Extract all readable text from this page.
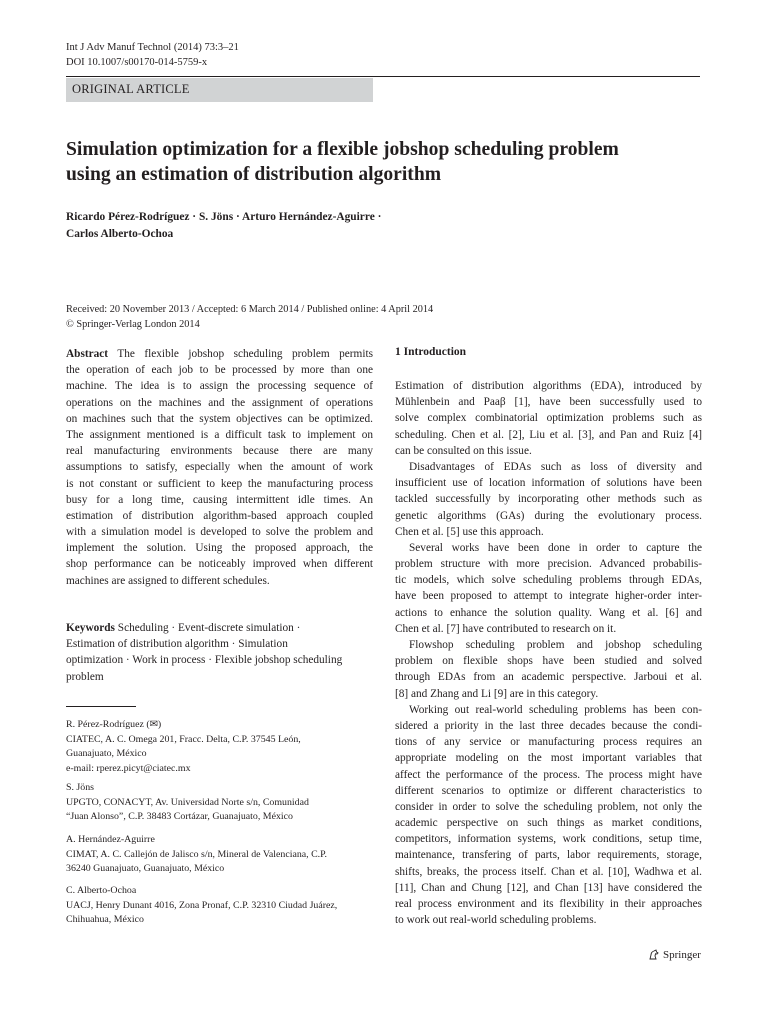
Int J Adv Manuf Technol (2014) 73:3–21
DOI 10.1007/s00170-014-5759-x
ORIGINAL ARTICLE
Simulation optimization for a flexible jobshop scheduling problem
using an estimation of distribution algorithm
Ricardo Pérez-Rodríguez · S. Jöns · Arturo Hernández-Aguirre ·
Carlos Alberto-Ochoa
Received: 20 November 2013 / Accepted: 6 March 2014 / Published online: 4 April 2014
© Springer-Verlag London 2014
Abstract The flexible jobshop scheduling problem permits
the operation of each job to be processed by more than one
machine. The idea is to assign the processing sequence of
operations on the machines and the assignment of operations
on machines such that the system objectives can be optimized.
The assignment mentioned is a difficult task to implement on
real manufacturing environments because there are many
assumptions to satisfy, especially when the amount of work
is not constant or sufficient to keep the manufacturing process
busy for a long time, causing intermittent idle times. An
estimation of distribution algorithm-based approach coupled
with a simulation model is developed to solve the problem and
implement the solution. Using the proposed approach, the
shop performance can be noticeably improved when different
machines are assigned to different schedules.
Keywords Scheduling · Event-discrete simulation ·
Estimation of distribution algorithm · Simulation
optimization · Work in process · Flexible jobshop scheduling
problem
R. Pérez-Rodríguez (✉)
CIATEC, A. C. Omega 201, Fracc. Delta, C.P. 37545 León,
Guanajuato, México
e-mail: rperez.picyt@ciatec.mx
S. Jöns
UPGTO, CONACYT, Av. Universidad Norte s/n, Comunidad
“Juan Alonso”, C.P. 38483 Cortázar, Guanajuato, México
A. Hernández-Aguirre
CIMAT, A. C. Callejón de Jalisco s/n, Mineral de Valenciana, C.P.
36240 Guanajuato, Guanajuato, México
C. Alberto-Ochoa
UACJ, Henry Dunant 4016, Zona Pronaf, C.P. 32310 Ciudad Juárez,
Chihuahua, México
1 Introduction
Estimation of distribution algorithms (EDA), introduced by
Mühlenbein and Paaβ [1], have been successfully used to
solve complex combinatorial optimization problems such as
scheduling. Chen et al. [2], Liu et al. [3], and Pan and Ruiz [4]
can be consulted on this issue.
Disadvantages of EDAs such as loss of diversity and
insufficient use of location information of solutions have been
tackled successfully by incorporating other methods such as
genetic algorithms (GAs) during the evolutionary process.
Chen et al. [5] use this approach.
Several works have been done in order to capture the
problem structure with more precision. Advanced probabilis-
tic models, which solve scheduling problems through EDAs,
have been proposed to attempt to integrate higher-order inter-
actions to enhance the solution quality. Wang et al. [6] and
Chen et al. [7] have contributed to research on it.
Flowshop scheduling problem and jobshop scheduling
problem on flexible shops have been studied and solved
through EDAs from an academic perspective. Jarboui et al.
[8] and Zhang and Li [9] are in this category.
Working out real-world scheduling problems has been con-
sidered a priority in the last three decades because the condi-
tions of any service or manufacturing process requires an
appropriate modeling on the most important variables that
affect the performance of the process. The process might have
different scenarios to optimize or different characteristics to
consider in order to solve the scheduling problem, not only the
academic perspective on such things as market conditions,
competitors, information systems, work conditions, setup time,
maintenance, transfering of parts, labor requirements, storage,
shifts, breaks, the process itself. Chan et al. [10], Wadhwa et al.
[11], Chan and Chung [12], and Chan [13] have considered the
real process environment and its flexibility in their approaches
to work out real-world scheduling problems.
Springer
